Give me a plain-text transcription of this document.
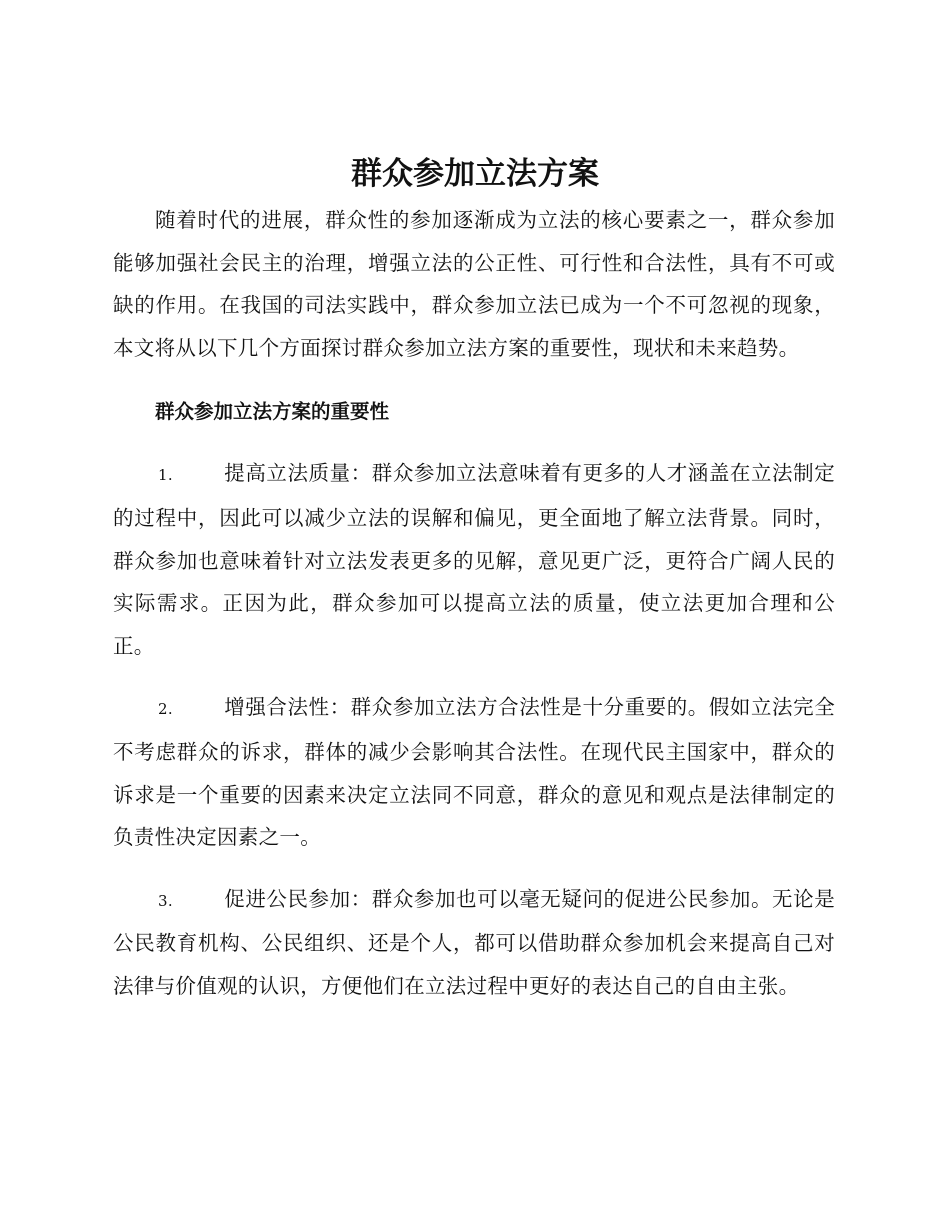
群众参加立法方案

随着时代的进展，群众性的参加逐渐成为立法的核心要素之一，群众参加能够加强社会民主的治理，增强立法的公正性、可行性和合法性，具有不可或缺的作用。在我国的司法实践中，群众参加立法已成为一个不可忽视的现象，本文将从以下几个方面探讨群众参加立法方案的重要性，现状和未来趋势。

群众参加立法方案的重要性

1. 提高立法质量：群众参加立法意味着有更多的人才涵盖在立法制定的过程中，因此可以减少立法的误解和偏见，更全面地了解立法背景。同时，群众参加也意味着针对立法发表更多的见解，意见更广泛，更符合广阔人民的实际需求。正因为此，群众参加可以提高立法的质量，使立法更加合理和公正。

2. 增强合法性：群众参加立法方合法性是十分重要的。假如立法完全不考虑群众的诉求，群体的减少会影响其合法性。在现代民主国家中，群众的诉求是一个重要的因素来决定立法同不同意，群众的意见和观点是法律制定的负责性决定因素之一。

3. 促进公民参加：群众参加也可以毫无疑问的促进公民参加。无论是公民教育机构、公民组织、还是个人，都可以借助群众参加机会来提高自己对法律与价值观的认识，方便他们在立法过程中更好的表达自己的自由主张。
